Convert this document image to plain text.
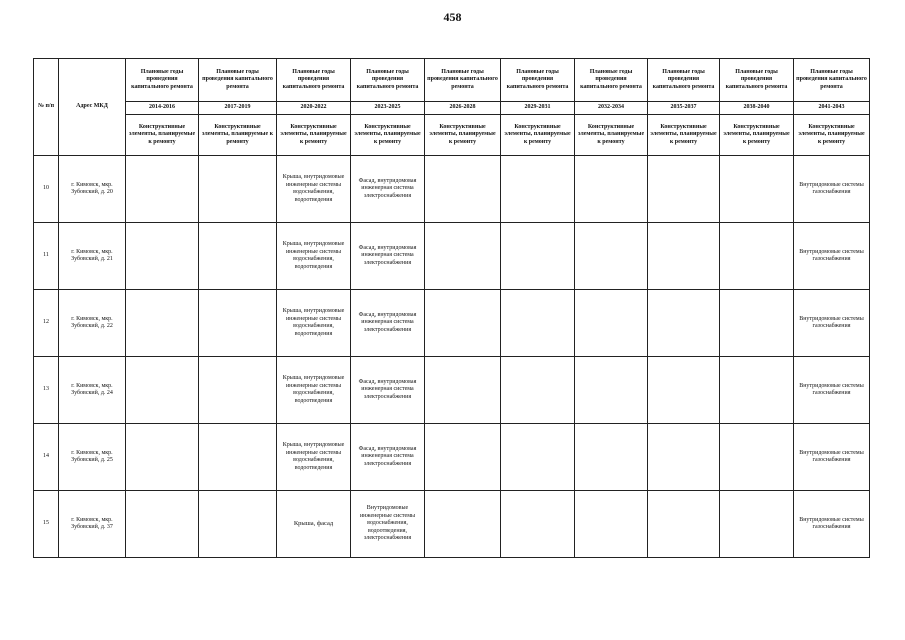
458
№ п/п	Адрес МКД	Плановые годы проведения капитального ремонта	Плановые годы проведения капитального ремонта	Плановые годы проведения капитального ремонта	Плановые годы проведения капитального ремонта	Плановые годы проведения капитального ремонта	Плановые годы проведения капитального ремонта	Плановые годы проведения капитального ремонта	Плановые годы проведения капитального ремонта	Плановые годы проведения капитального ремонта	Плановые годы проведения капитального ремонта
		2014-2016	2017-2019	2020-2022	2023-2025	2026-2028	2029-2031	2032-2034	2035-2037	2038-2040	2041-2043
		Конструктивные элементы, планируемые к ремонту	Конструктивные элементы, планируемые к ремонту	Конструктивные элементы, планируемые к ремонту	Конструктивные элементы, планируемые к ремонту	Конструктивные элементы, планируемые к ремонту	Конструктивные элементы, планируемые к ремонту	Конструктивные элементы, планируемые к ремонту	Конструктивные элементы, планируемые к ремонту	Конструктивные элементы, планируемые к ремонту	Конструктивные элементы, планируемые к ремонту
10	г. Кимовск, мкр. Зубовский, д. 20			Крыша, внутридомовые инженерные системы водоснабжения, водоотведения	Фасад, внутридомовая инженерная система электроснабжения						Внутридомовые системы газоснабжения
11	г. Кимовск, мкр. Зубовский, д. 21			Крыша, внутридомовые инженерные системы водоснабжения, водоотведения	Фасад, внутридомовая инженерная система электроснабжения						Внутридомовые системы газоснабжения
12	г. Кимовск, мкр. Зубовский, д. 22			Крыша, внутридомовые инженерные системы водоснабжения, водоотведения	Фасад, внутридомовая инженерная система электроснабжения						Внутридомовые системы газоснабжения
13	г. Кимовск, мкр. Зубовский, д. 24			Крыша, внутридомовые инженерные системы водоснабжения, водоотведения	Фасад, внутридомовая инженерная система электроснабжения						Внутридомовые системы газоснабжения
14	г. Кимовск, мкр. Зубовский, д. 25			Крыша, внутридомовые инженерные системы водоснабжения, водоотведения	Фасад, внутридомовая инженерная система электроснабжения						Внутридомовые системы газоснабжения
15	г. Кимовск, мкр. Зубовский, д. 37			Крыша, фасад	Внутридомовые инженерные системы водоснабжения, водоотведения, электроснабжения						Внутридомовые системы газоснабжения
